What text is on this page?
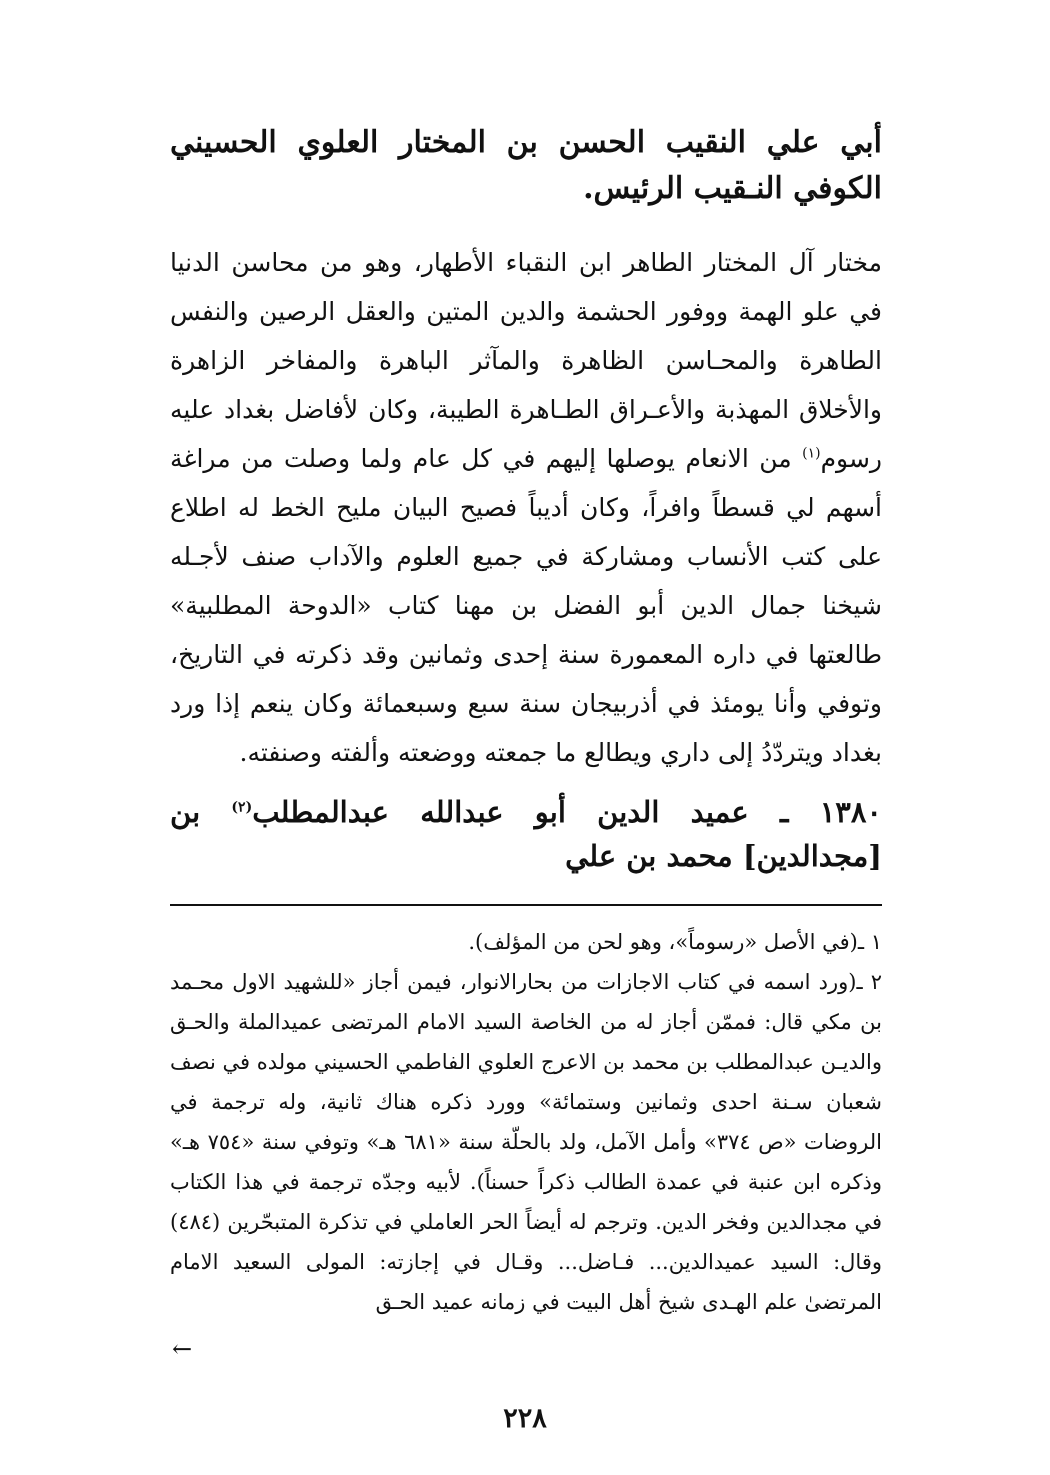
أبي علي النقيب الحسن بن المختار العلوي الحسيني الكوفي النـقيب الرئيس.

مختار آل المختار الطاهر ابن النقباء الأطهار، وهو من محاسن الدنيا في علو الهمة ووفور الحشمة والدين المتين والعقل الرصين والنفس الطاهرة والمحـاسن الظاهرة والمآثر الباهرة والمفاخر الزاهرة والأخلاق المهذبة والأعـراق الطـاهرة الطيبة، وكان لأفاضل بغداد عليه رسوم$^{(١)}$ من الانعام يوصلها إليهم في كل عام ولما وصلت من مراغة أسهم لي قسطاً وافراً، وكان أديباً فصيح البيان مليح الخط له اطلاع على كتب الأنساب ومشاركة في جميع العلوم والآداب صنف لأجـله شيخنا جمال الدين أبو الفضل بن مهنا كتاب «الدوحة المطلبية» طالعتها في داره المعمورة سنة إحدى وثمانين وقد ذكرته في التاريخ، وتوفي وأنا يومئذ في أذربيجان سنة سبع وسبعمائة وكان ينعم إذا ورد بغداد ويتردّدُ إلى داري ويطالع ما جمعته ووضعته وألفته وصنفته.

١٣٨٠ ـ عميد الدين أبو عبدالله عبدالمطلب$^{(٢)}$ بن [مجدالدين] محمد بن علي

١ ـ(في الأصل «رسوماً»، وهو لحن من المؤلف).

٢ ـ(ورد اسمه في كتاب الاجازات من بحارالانوار، فيمن أجاز «للشهيد الاول محـمد بن مكي قال: فممّن أجاز له من الخاصة السيد الامام المرتضى عميدالملة والحـق والديـن عبدالمطلب بن محمد بن الاعرج العلوي الفاطمي الحسيني مولده في نصف شعبان سـنة احدى وثمانين وستمائة» وورد ذكره هناك ثانية، وله ترجمة في الروضات «ص ٣٧٤» وأمل الآمل، ولد بالحلّة سنة «٦٨١ هـ» وتوفي سنة «٧٥٤ هـ» وذكره ابن عنبة في عمدة الطالب ذكراً حسناً). لأبيه وجدّه ترجمة في هذا الكتاب في مجدالدين وفخر الدين. وترجم له أيضاً الحر العاملي في تذكرة المتبحّرين (٤٨٤) وقال: السيد عميدالدين... فـاضل... وقـال في إجازته: المولى السعيد الامام المرتضىٰ علم الهـدى شيخ أهل البيت في زمانه عميد الحـق

←
٢٢٨
